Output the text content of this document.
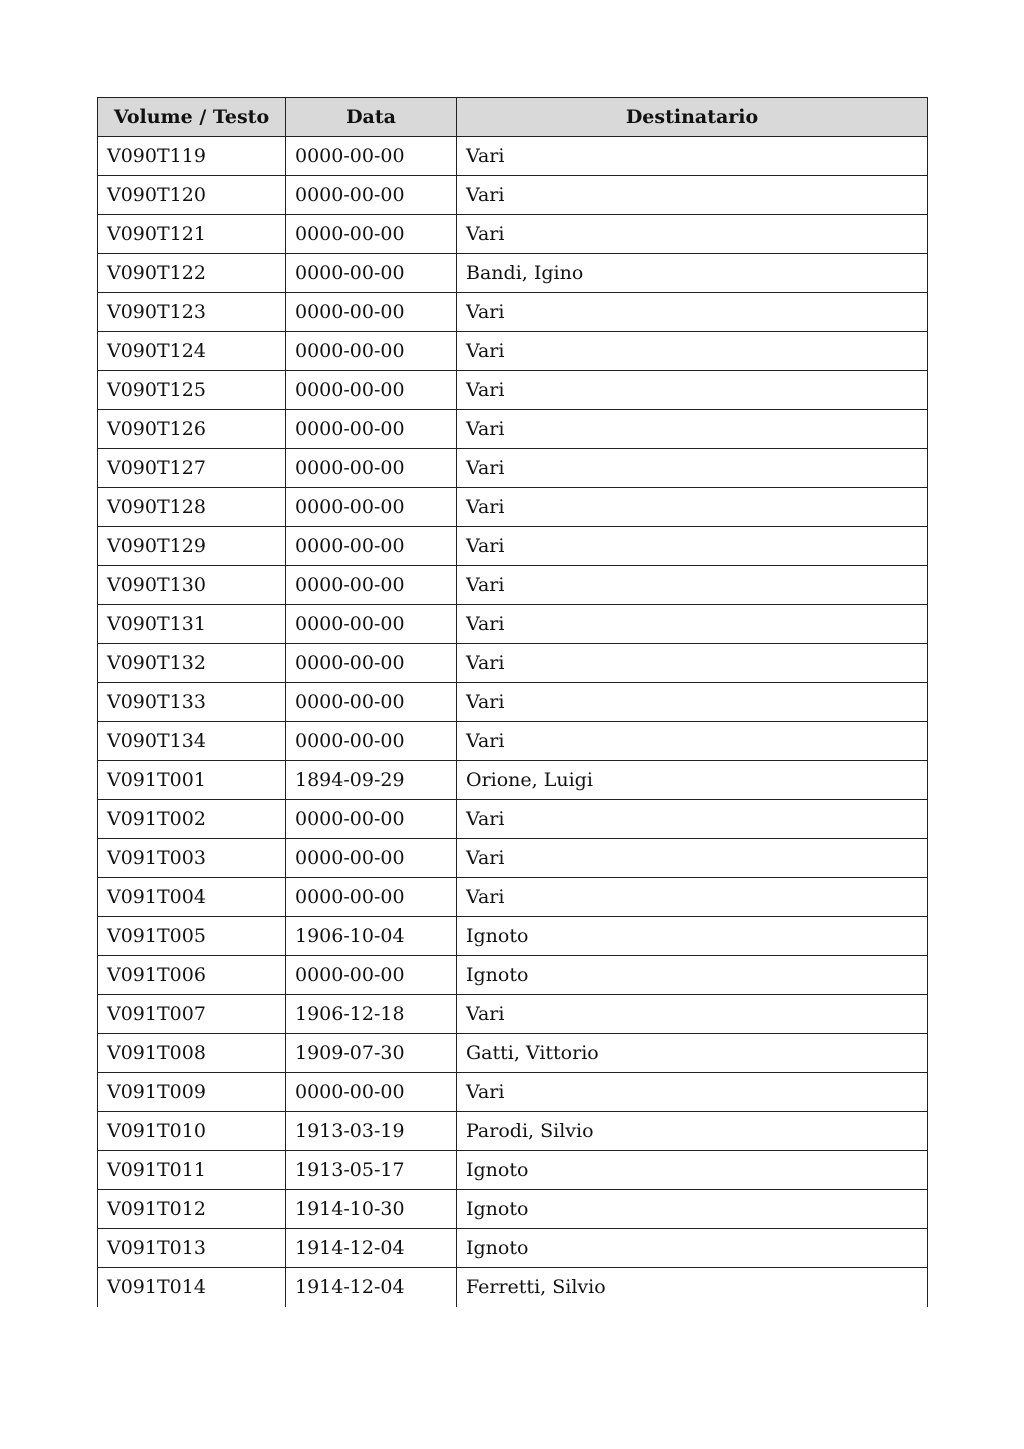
Volume / Testo	Data	Destinatario
V090T119	0000-00-00	Vari
V090T120	0000-00-00	Vari
V090T121	0000-00-00	Vari
V090T122	0000-00-00	Bandi, Igino
V090T123	0000-00-00	Vari
V090T124	0000-00-00	Vari
V090T125	0000-00-00	Vari
V090T126	0000-00-00	Vari
V090T127	0000-00-00	Vari
V090T128	0000-00-00	Vari
V090T129	0000-00-00	Vari
V090T130	0000-00-00	Vari
V090T131	0000-00-00	Vari
V090T132	0000-00-00	Vari
V090T133	0000-00-00	Vari
V090T134	0000-00-00	Vari
V091T001	1894-09-29	Orione, Luigi
V091T002	0000-00-00	Vari
V091T003	0000-00-00	Vari
V091T004	0000-00-00	Vari
V091T005	1906-10-04	Ignoto
V091T006	0000-00-00	Ignoto
V091T007	1906-12-18	Vari
V091T008	1909-07-30	Gatti, Vittorio
V091T009	0000-00-00	Vari
V091T010	1913-03-19	Parodi, Silvio
V091T011	1913-05-17	Ignoto
V091T012	1914-10-30	Ignoto
V091T013	1914-12-04	Ignoto
V091T014	1914-12-04	Ferretti, Silvio
